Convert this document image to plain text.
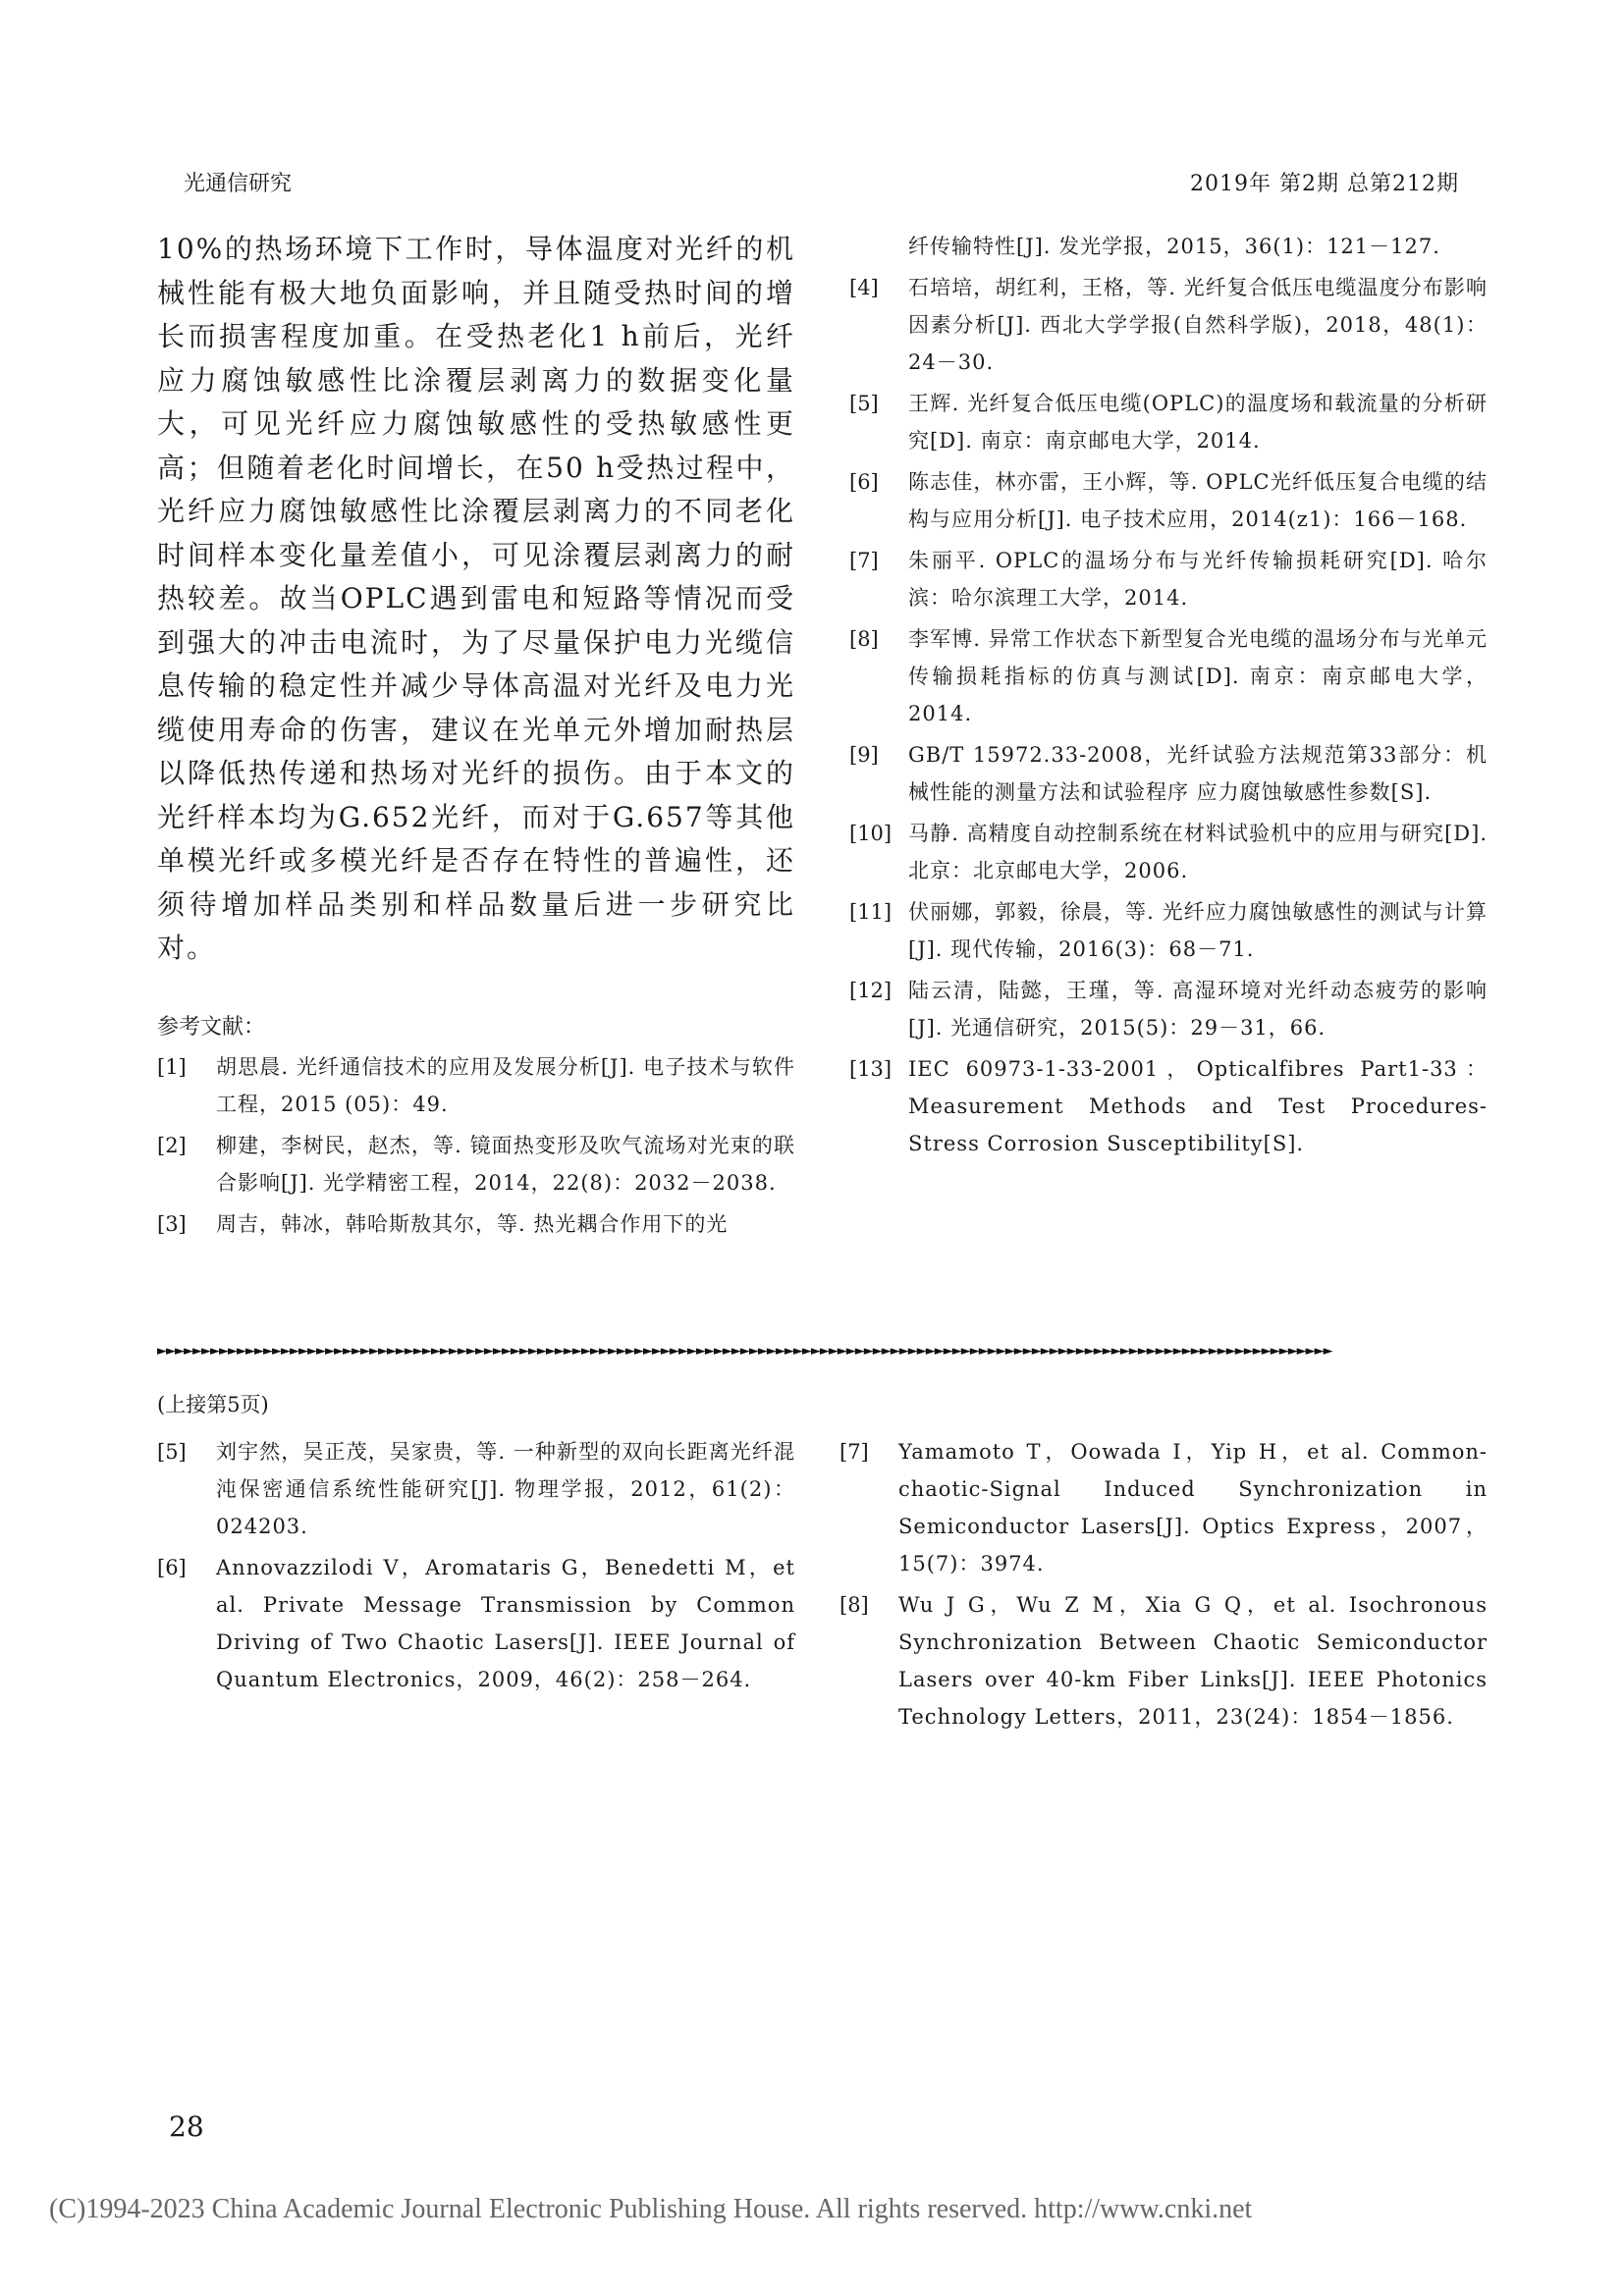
光通信研究	2019年 第2期 总第212期

10%的热场环境下工作时，导体温度对光纤的机械性能有极大地负面影响，并且随受热时间的增长而损害程度加重。在受热老化1 h前后，光纤应力腐蚀敏感性比涂覆层剥离力的数据变化量大，可见光纤应力腐蚀敏感性的受热敏感性更高；但随着老化时间增长，在50 h受热过程中，光纤应力腐蚀敏感性比涂覆层剥离力的不同老化时间样本变化量差值小，可见涂覆层剥离力的耐热较差。故当OPLC遇到雷电和短路等情况而受到强大的冲击电流时，为了尽量保护电力光缆信息传输的稳定性并减少导体高温对光纤及电力光缆使用寿命的伤害，建议在光单元外增加耐热层以降低热传递和热场对光纤的损伤。由于本文的光纤样本均为G.652光纤，而对于G.657等其他单模光纤或多模光纤是否存在特性的普遍性，还须待增加样品类别和样品数量后进一步研究比对。

参考文献：
[1]	胡思晨. 光纤通信技术的应用及发展分析[J]. 电子技术与软件工程，2015 (05)：49.
[2]	柳建，李树民，赵杰，等. 镜面热变形及吹气流场对光束的联合影响[J]. 光学精密工程，2014，22(8)：2032－2038.
[3]	周吉，韩冰，韩哈斯敖其尔，等. 热光耦合作用下的光
纤传输特性[J]. 发光学报，2015，36(1)：121－127.
[4]	石培培，胡红利，王格，等. 光纤复合低压电缆温度分布影响因素分析[J]. 西北大学学报(自然科学版)，2018，48(1)：24－30.
[5]	王辉. 光纤复合低压电缆(OPLC)的温度场和载流量的分析研究[D]. 南京：南京邮电大学，2014.
[6]	陈志佳，林亦雷，王小辉，等. OPLC光纤低压复合电缆的结构与应用分析[J]. 电子技术应用，2014(z1)：166－168.
[7]	朱丽平. OPLC的温场分布与光纤传输损耗研究[D]. 哈尔滨：哈尔滨理工大学，2014.
[8]	李军博. 异常工作状态下新型复合光电缆的温场分布与光单元传输损耗指标的仿真与测试[D]. 南京：南京邮电大学，2014.
[9]	GB/T 15972.33-2008，光纤试验方法规范第33部分：机械性能的测量方法和试验程序 应力腐蚀敏感性参数[S].
[10] 马静. 高精度自动控制系统在材料试验机中的应用与研究[D]. 北京：北京邮电大学，2006.
[11] 伏丽娜，郭毅，徐晨，等. 光纤应力腐蚀敏感性的测试与计算[J]. 现代传输，2016(3)：68－71.
[12] 陆云清，陆懿，王瑾，等. 高湿环境对光纤动态疲劳的影响[J]. 光通信研究，2015(5)：29－31，66.
[13] IEC 60973-1-33-2001，Opticalfibres Part1-33：Measurement Methods and Test Procedures-Stress Corrosion Susceptibility[S].
►►►►►►►►►►►►►►►►►►►►►►►►►►►►►►►►►►►►►►►►►►►►►►►►►►►►►►►►►►►►►►►►►►►►►►►►►►►►►►►►►►►►►►►►►►►►►►►►►►►►►►►►►►►►►►►►►►►►►►►►►►►►►►►►►►►►►
(上接第5页)
[5]	刘宇然，吴正茂，吴家贵，等. 一种新型的双向长距离光纤混沌保密通信系统性能研究[J]. 物理学报，2012，61(2)：024203.
[6]	Annovazzilodi V，Aromataris G，Benedetti M，et al. Private Message Transmission by Common Driving of Two Chaotic Lasers[J]. IEEE Journal of Quantum Electronics，2009，46(2)：258－264.
[7]	Yamamoto T，Oowada I，Yip H，et al. Common-chaotic-Signal Induced Synchronization in Semiconductor Lasers[J]. Optics Express，2007，15(7)：3974.
[8]	Wu J G，Wu Z M，Xia G Q，et al. Isochronous Synchronization Between Chaotic Semiconductor Lasers over 40-km Fiber Links[J]. IEEE Photonics Technology Letters，2011，23(24)：1854－1856.
28
(C)1994-2023 China Academic Journal Electronic Publishing House. All rights reserved. http://www.cnki.net
